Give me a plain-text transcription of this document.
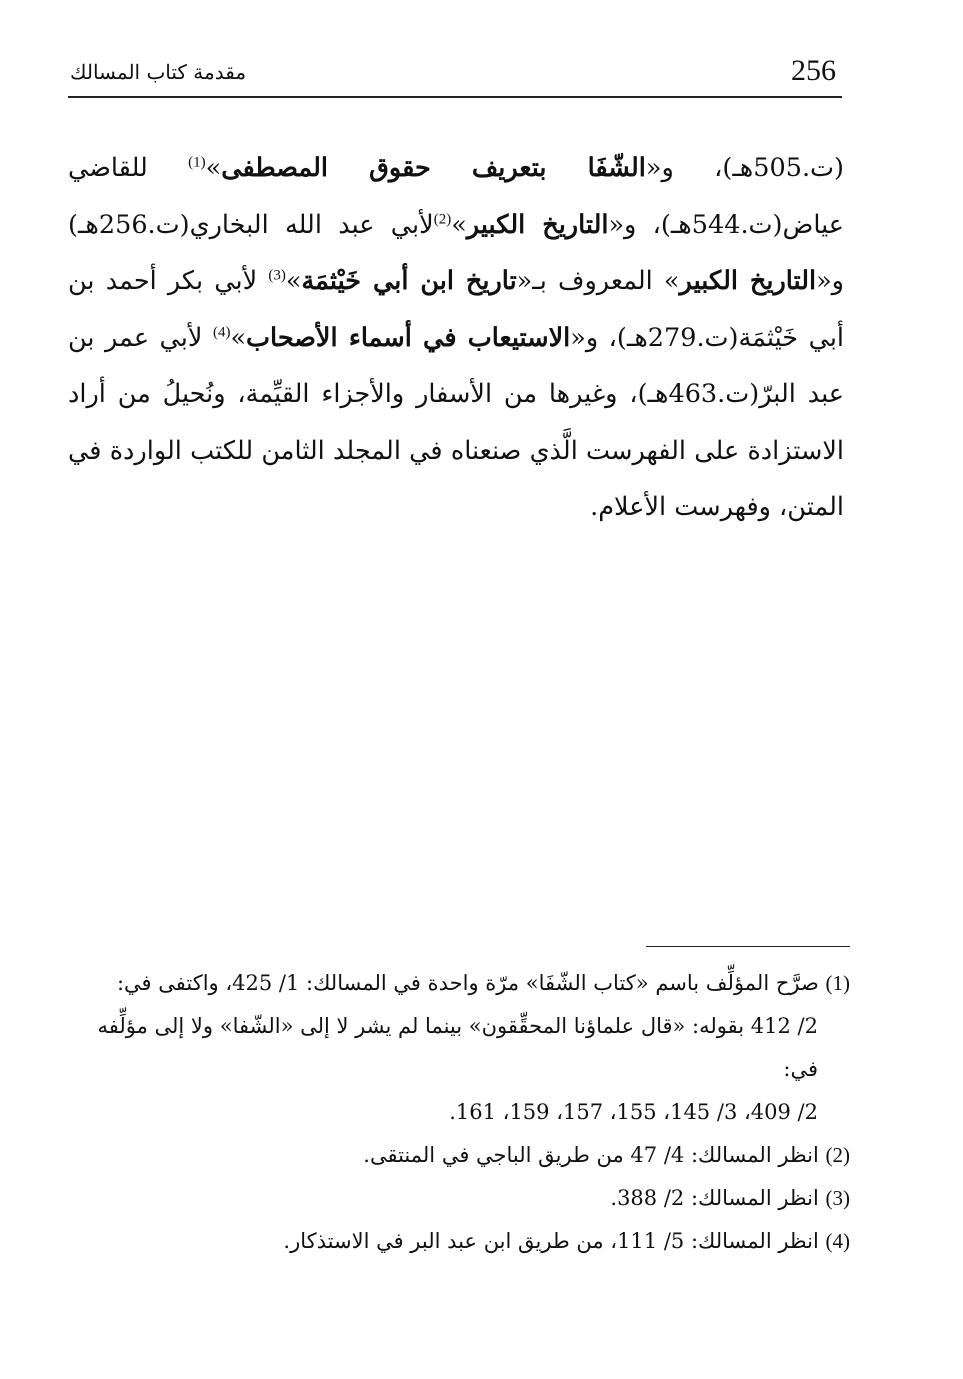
256
مقدمة كتاب المسالك

(ت.505هـ)، و«الشّفَا بتعريف حقوق المصطفى»$^{(1)}$ للقاضي عياض(ت.544هـ)، و«التاريخ الكبير»$^{(2)}$لأبي عبد الله البخاري(ت.256هـ) و«التاريخ الكبير» المعروف بـ«تاريخ ابن أبي خَيْثمَة»$^{(3)}$ لأبي بكر أحمد بن أبي خَيْثمَة(ت.279هـ)، و«الاستيعاب في أسماء الأصحاب»$^{(4)}$ لأبي عمر بن عبد البرّ(ت.463هـ)، وغيرها من الأسفار والأجزاء القيِّمة، ونُحيلُ من أراد الاستزادة على الفهرست الَّذي صنعناه في المجلد الثامن للكتب الواردة في المتن، وفهرست الأعلام.

(1) صرَّح المؤلِّف باسم «كتاب الشّفَا» مرّة واحدة في المسالك: 1/ 425، واكتفى في:

2/ 412 بقوله: «قال علماؤنا المحقِّقون» بينما لم يشر لا إلى «الشّفا» ولا إلى مؤلِّفه في:

2/ 409، 3/ 145، 155، 157، 159، 161.

(2) انظر المسالك: 4/ 47 من طريق الباجي في المنتقى.

(3) انظر المسالك: 2/ 388.

(4) انظر المسالك: 5/ 111، من طريق ابن عبد البر في الاستذكار.
